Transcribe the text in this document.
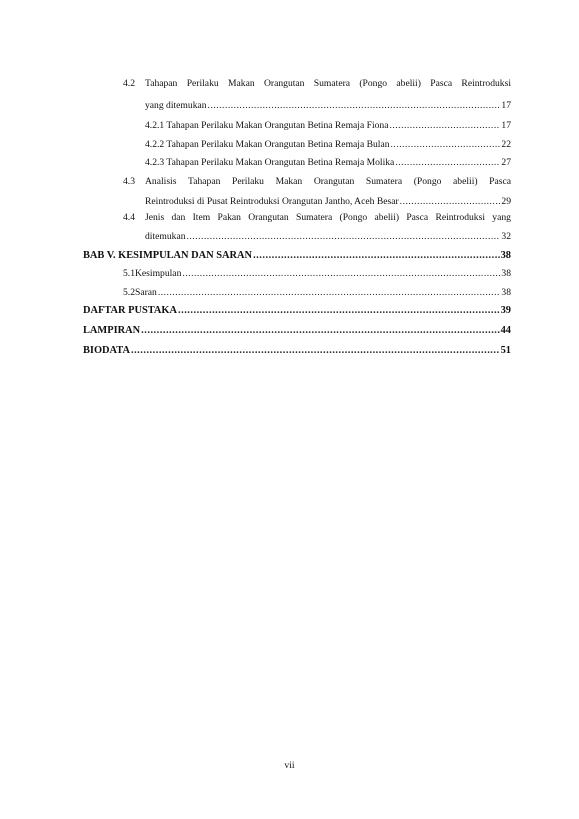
4.2	Tahapan Perilaku Makan Orangutan Sumatera (Pongo abelii) Pasca Reintroduksi
yang ditemukan .....	17
4.2.1 Tahapan Perilaku Makan Orangutan Betina Remaja Fiona .....	17
4.2.2 Tahapan Perilaku Makan Orangutan Betina Remaja Bulan .....	22
4.2.3 Tahapan Perilaku Makan Orangutan Betina Remaja Molika .....	27
4.3	Analisis Tahapan Perilaku Makan Orangutan Sumatera (Pongo abelii) Pasca
Reintroduksi di Pusat Reintroduksi Orangutan Jantho, Aceh Besar .....	29
4.4	Jenis dan Item Pakan Orangutan Sumatera (Pongo abelii) Pasca Reintroduksi yang
ditemukan .....	32
BAB V. KESIMPULAN DAN SARAN .....	38
5.1 Kesimpulan .....	38
5.2 Saran .....	38
DAFTAR PUSTAKA .....	39
LAMPIRAN .....	44
BIODATA .....	51
vii
